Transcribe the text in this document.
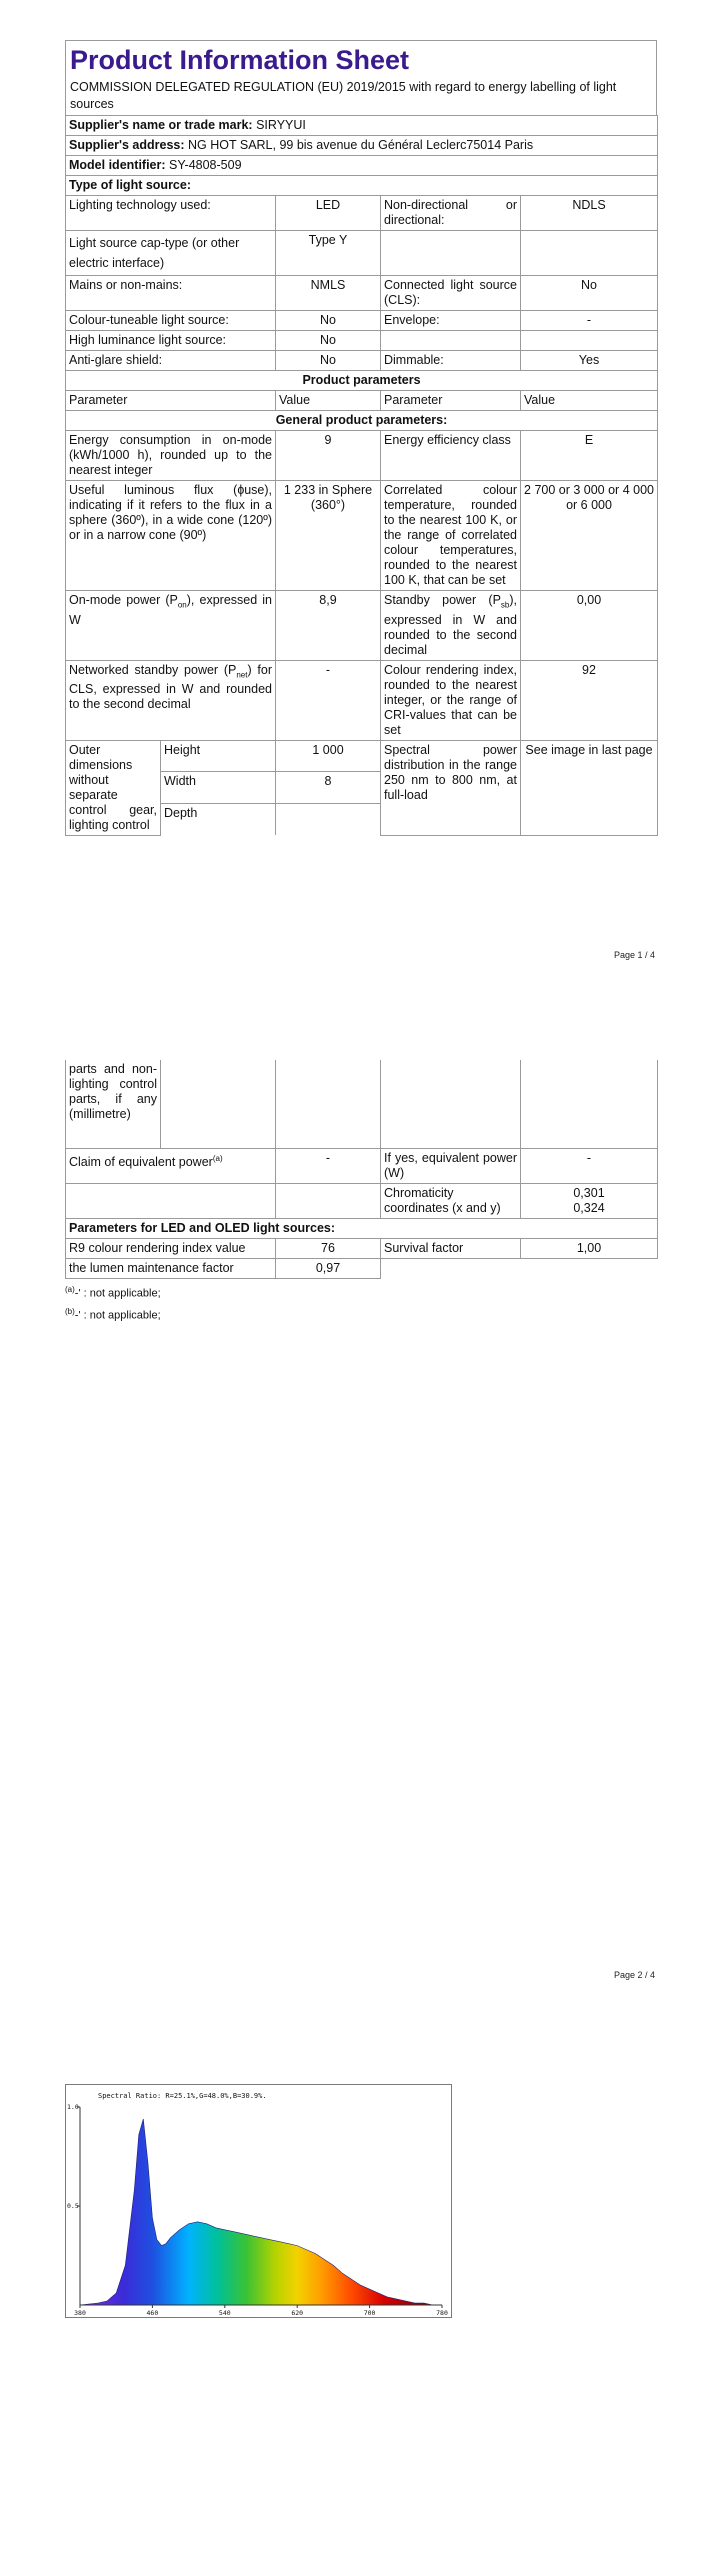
Product Information Sheet
COMMISSION DELEGATED REGULATION (EU) 2019/2015 with regard to energy labelling of light sources
Supplier's name or trade mark: SIRYYUI			
Supplier's address: NG HOT SARL, 99 bis avenue du Général Leclerc75014 Paris			
Model identifier: SY-4808-509			
Type of light source:			
Lighting technology used:	LED	Non-directional or directional:	NDLS
Light source cap-type (or other electric interface)	Type Y		
Mains or non-mains:	NMLS	Connected light source (CLS):	No
Colour-tuneable light source:	No	Envelope:	-
High luminance light source:	No		
Anti-glare shield:	No	Dimmable:	Yes
Product parameters			
Parameter	Value	Parameter	Value
General product parameters:			
Energy consumption in on-mode (kWh/1000 h), rounded up to the nearest integer	9	Energy efficiency class	E
Useful luminous flux (ɸuse), indicating if it refers to the flux in a sphere (360º), in a wide cone (120º) or in a narrow cone (90º)	1 233 in Sphere (360°)	Correlated colour temperature, rounded to the nearest 100 K, or the range of correlated colour temperatures, rounded to the nearest 100 K, that can be set	2 700 or 3 000 or 4 000 or 6 000
On-mode power $(P_{on})$, expressed in W	8,9	Standby power $(P_{sb})$, expressed in W and rounded to the second decimal	0,00
Networked standby power $(P_{net})$ for CLS, expressed in W and rounded to the second decimal	-	Colour rendering index, rounded to the nearest integer, or the range of CRI-values that can be set	92
Outer dimensions without separate control gear, lighting control	Height	1 000	Spectral power distribution in the range 250 nm to 800 nm, at full-load	See image in last page
	Width	8		
	Depth			
Page 1 / 4
parts and non-lighting control parts, if any (millimetre)				
Claim of equivalent power$^{(a)}$		-	If yes, equivalent power (W)	-
			Chromaticity coordinates (x and y)	0,301
0,324

Parameters for LED and OLED light sources:				
R9 colour rendering index value		76	Survival factor	1,00
the lumen maintenance factor		0,97		
$^{(a)}$-' : not applicable;
$^{(b)}$-' : not applicable;
Page 2 / 4
Spectral Ratio: R=25.1%,G=48.0%,B=30.9%.
380	460	540	620	700	780
1.0
0.5
